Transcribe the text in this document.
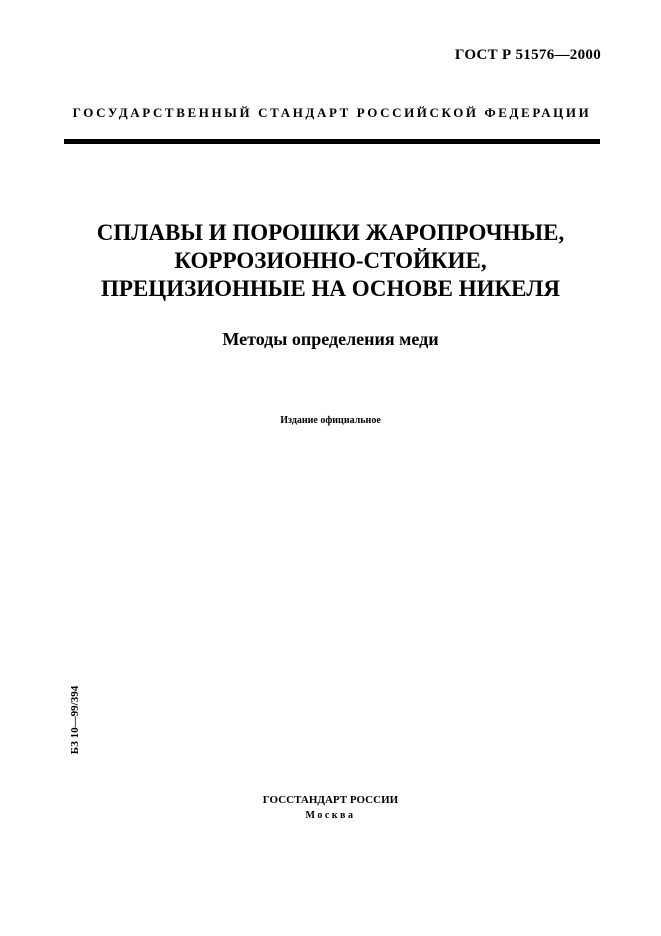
ГОСТ Р 51576—2000
ГОСУДАРСТВЕННЫЙ СТАНДАРТ РОССИЙСКОЙ ФЕДЕРАЦИИ
СПЛАВЫ И ПОРОШКИ ЖАРОПРОЧНЫЕ,
КОРРОЗИОННО-СТОЙКИЕ,
ПРЕЦИЗИОННЫЕ НА ОСНОВЕ НИКЕЛЯ
Методы определения меди
Издание официальное
БЗ 10—99/394
ГОССТАНДАРТ РОССИИ
Москва
